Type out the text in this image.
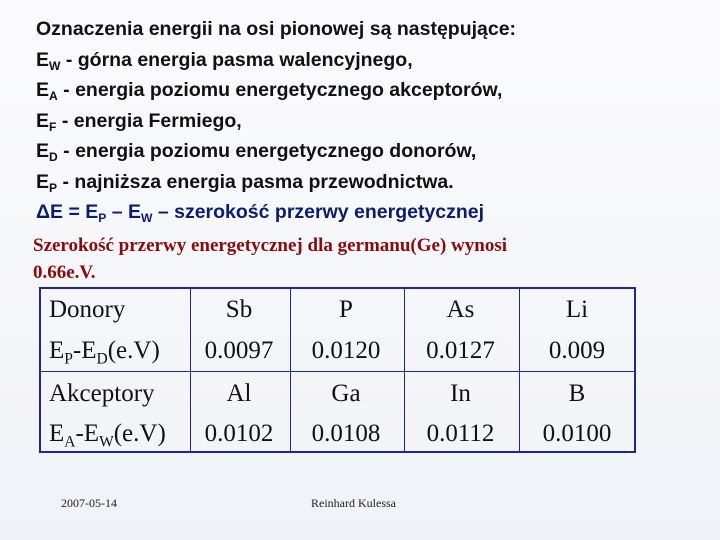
Oznaczenia energii na osi pionowej są następujące:
$E_W$ - górna energia pasma walencyjnego,
$E_A$ - energia poziomu energetycznego akceptorów,
$E_F$ - energia Fermiego,
$E_D$ - energia poziomu energetycznego donorów,
$E_P$ - najniższa energia pasma przewodnictwa.
$\Delta E = E_P - E_W$ – szerokość przerwy energetycznej
Szerokość przerwy energetycznej dla germanu(Ge) wynosi
0.66e.V.
Donory	Sb	P	As	Li
$E_P-E_D(e.V)$	0.0097	0.0120	0.0127	0.009
Akceptory	Al	Ga	In	B
$E_A-E_W(e.V)$	0.0102	0.0108	0.0112	0.0100
2007-05-14	Reinhard Kulessa
